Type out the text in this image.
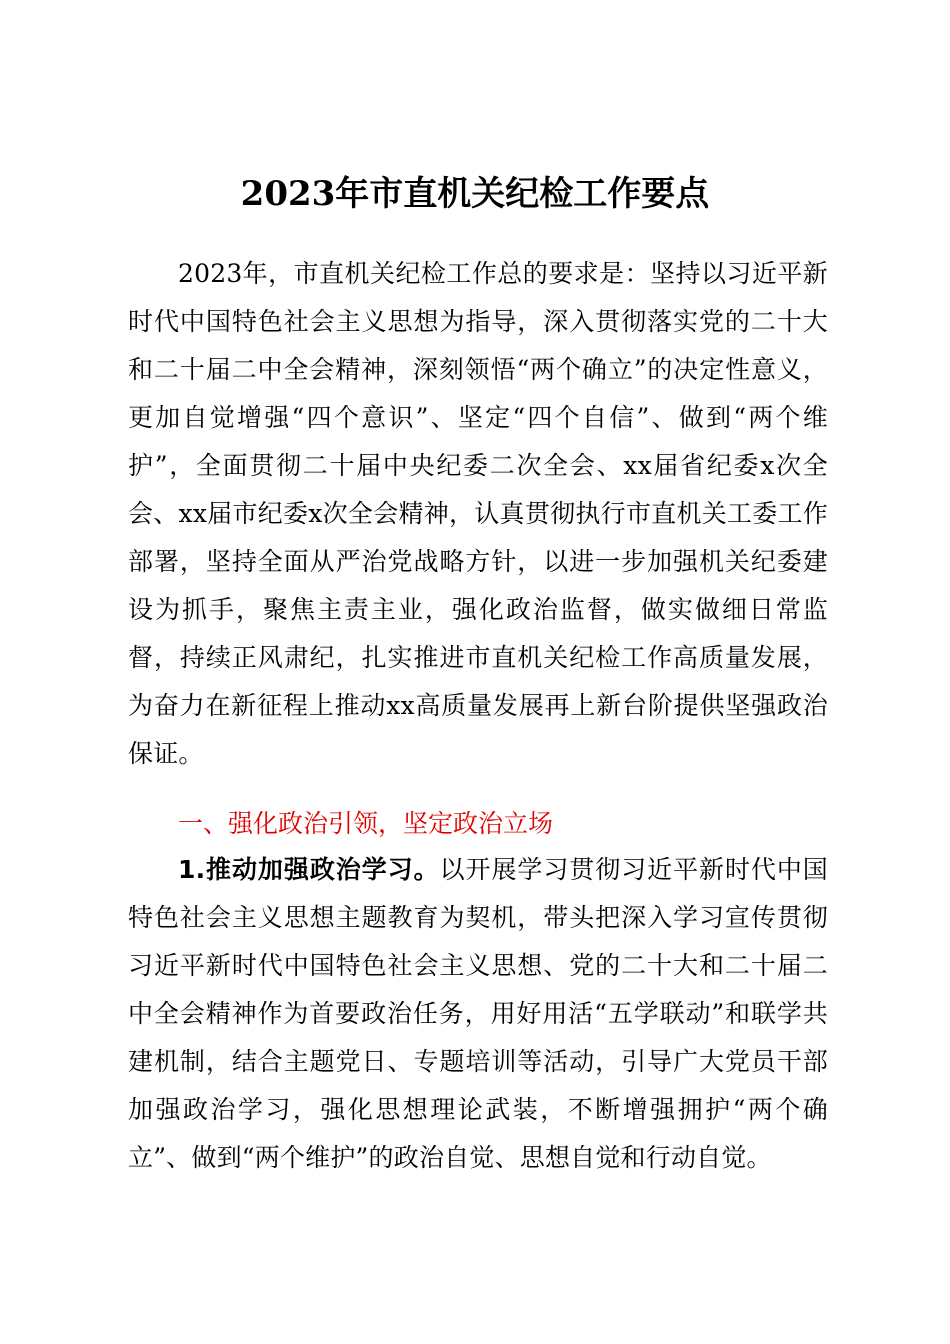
2023年市直机关纪检工作要点

2023年，市直机关纪检工作总的要求是：坚持以习近平新时代中国特色社会主义思想为指导，深入贯彻落实党的二十大和二十届二中全会精神，深刻领悟“两个确立”的决定性意义，更加自觉增强“四个意识”、坚定“四个自信”、做到“两个维护”，全面贯彻二十届中央纪委二次全会、xx届省纪委x次全会、xx届市纪委x次全会精神，认真贯彻执行市直机关工委工作部署，坚持全面从严治党战略方针，以进一步加强机关纪委建设为抓手，聚焦主责主业，强化政治监督，做实做细日常监督，持续正风肃纪，扎实推进市直机关纪检工作高质量发展，为奋力在新征程上推动xx高质量发展再上新台阶提供坚强政治保证。

一、强化政治引领，坚定政治立场

1.推动加强政治学习。以开展学习贯彻习近平新时代中国特色社会主义思想主题教育为契机，带头把深入学习宣传贯彻习近平新时代中国特色社会主义思想、党的二十大和二十届二中全会精神作为首要政治任务，用好用活“五学联动”和联学共建机制，结合主题党日、专题培训等活动，引导广大党员干部加强政治学习，强化思想理论武装，不断增强拥护“两个确立”、做到“两个维护”的政治自觉、思想自觉和行动自觉。
